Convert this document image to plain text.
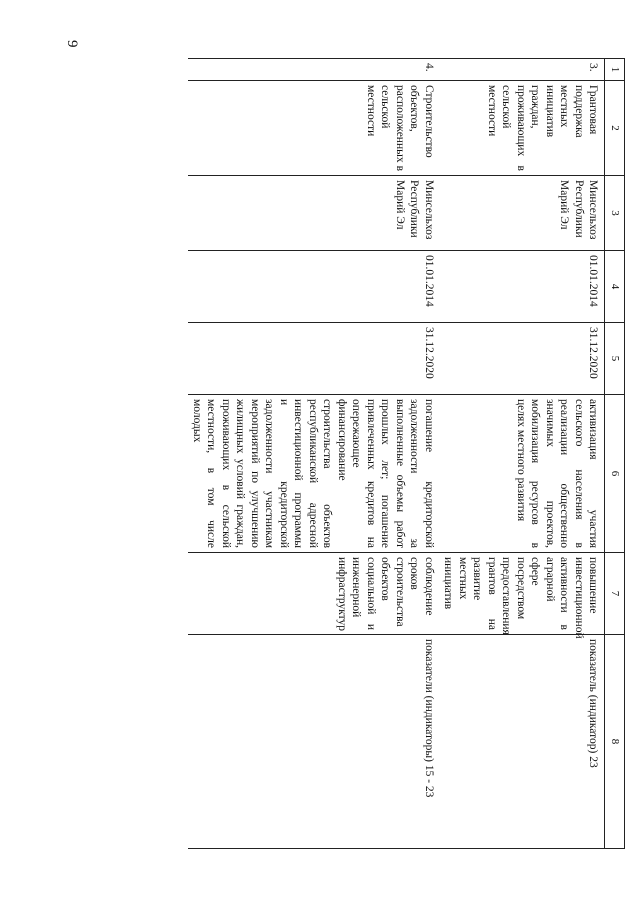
9
1	2	3	4	5	6	7	8
3.	Грантовая поддержка местных инициатив граждан, проживающих в сельской местности	Минсельхоз Республики Марий Эл	01.01.2014	31.12.2020	активизация участия сельского населения в реализации общественно значимых проектов, мобилизация ресурсов в целях местного развития	повышение инвестиционной активности в аграрной сфере посредством предоставления грантов на развитие местных инициатив	показатель (индикатор) 23
4.	Строительство объектов, расположенных в сельской местности	Минсельхоз Республики Марий Эл	01.01.2014	31.12.2020	погашение кредиторской задолженности за выполненные объемы работ прошлых лет; погашение привлеченных кредитов на опережающее финансирование строительства объектов республиканской адресной инвестиционной программы и кредиторской задолженности участникам мероприятий по улучшению жилищных условий граждан, проживающих в сельской местности, в том числе молодых	соблюдение сроков строительства объектов социальной и инженерной инфраструктур	показатели (индикаторы) 15 - 23
